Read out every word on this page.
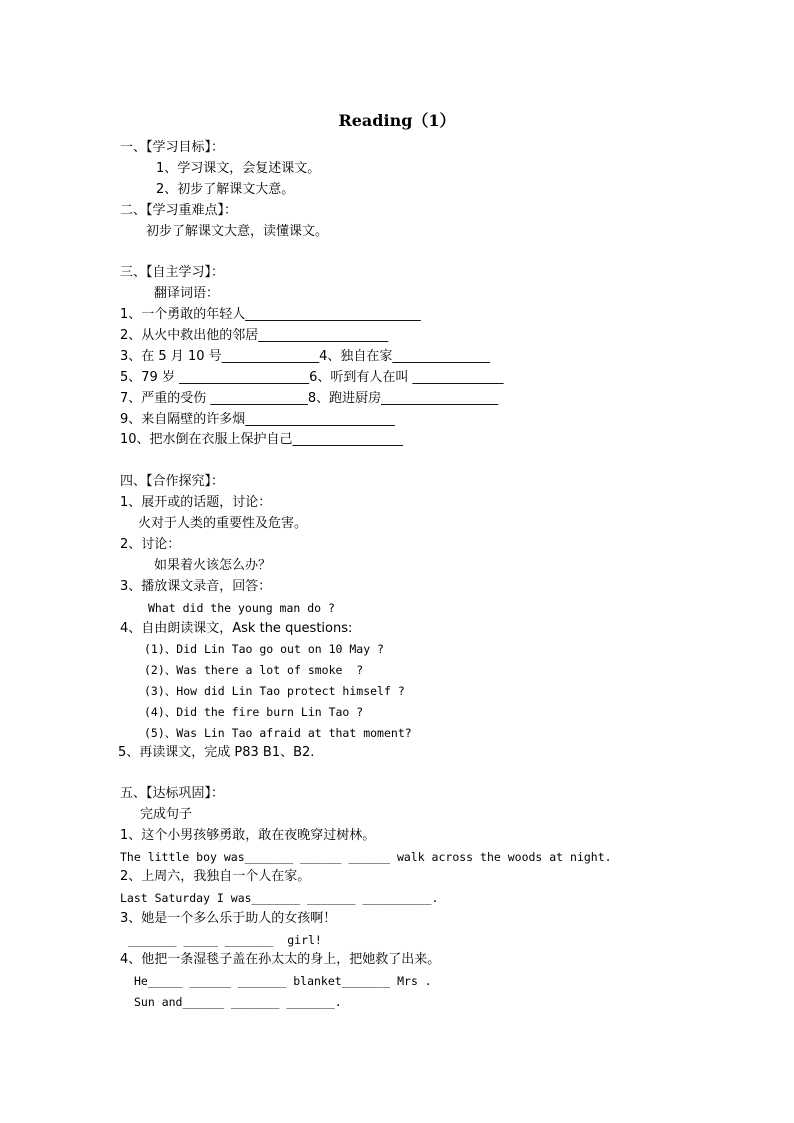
Reading（1）
一、【学习目标】：
1、学习课文，会复述课文。
2、初步了解课文大意。
二、【学习重难点】：
初步了解课文大意，读懂课文。
三、【自主学习】：
翻译词语：
1、一个勇敢的年轻人___________________________
2、从火中救出他的邻居____________________
3、在 5 月 10 号_______________4、独自在家_______________
5、79 岁 ____________________6、听到有人在叫 ______________
7、严重的受伤 _______________8、跑进厨房__________________
9、来自隔壁的许多烟_______________________
10、把水倒在衣服上保护自己_________________
四、【合作探究】：
1、展开或的话题，讨论：
火对于人类的重要性及危害。
2、讨论：
如果着火该怎么办？
3、播放课文录音，回答：
What did the young man do ?
4、自由朗读课文，Ask the questions:
(1)、Did Lin Tao go out on 10 May ?
(2)、Was there a lot of smoke  ?
(3)、How did Lin Tao protect himself ?
(4)、Did the fire burn Lin Tao ?
(5)、Was Lin Tao afraid at that moment?
5、再读课文，完成 P83 B1、B2.
五、【达标巩固】：
完成句子
1、这个小男孩够勇敢，敢在夜晚穿过树林。
The little boy was_______ ______ ______ walk across the woods at night.
2、上周六，我独自一个人在家。
Last Saturday I was_______ _______ __________.
3、她是一个多么乐于助人的女孩啊！
_______ _____ _______  girl!
4、他把一条湿毯子盖在孙太太的身上，把她救了出来。
He_____ ______ _______ blanket_______ Mrs .
Sun and______ _______ _______.
